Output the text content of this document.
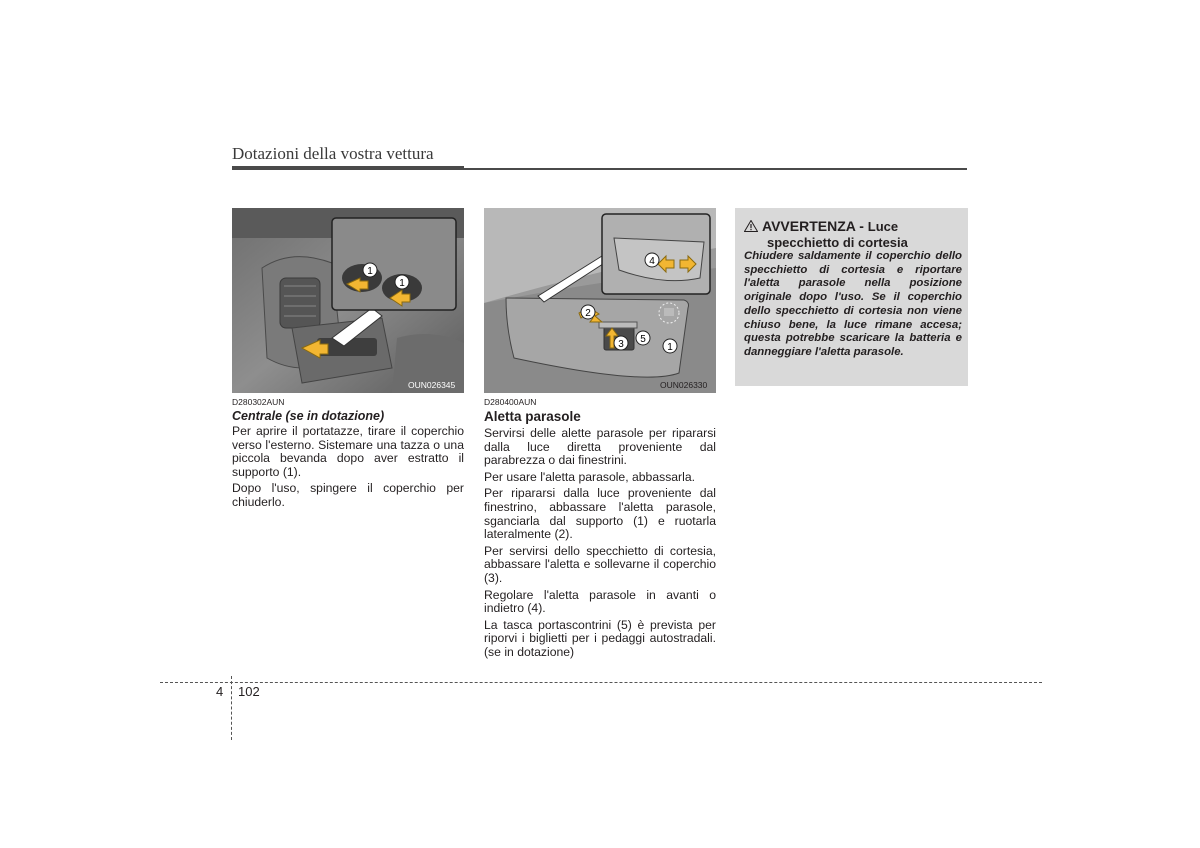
Dotazioni della vostra vettura
1
1
OUN026345
D280302AUN
Centrale (se in dotazione)

Per aprire il portatazze, tirare il coperchio verso l'esterno. Sistemare una tazza o una piccola bevanda dopo aver estratto il supporto (1).

Dopo l'uso, spingere il coperchio per chiuderlo.

2
3 5
1
4
OUN026330
D280400AUN
Aletta parasole

Servirsi delle alette parasole per ripararsi dalla luce diretta proveniente dal parabrezza o dai finestrini.

Per usare l'aletta parasole, abbassarla.

Per ripararsi dalla luce proveniente dal finestrino, abbassare l'aletta parasole, sganciarla dal supporto (1) e ruotarla lateralmente (2).

Per servirsi dello specchietto di cortesia, abbassare l'aletta e sollevarne il coperchio (3).

Regolare l'aletta parasole in avanti o indietro (4).

La tasca portascontrini (5) è prevista per riporvi i biglietti per i pedaggi autostradali. (se in dotazione)

AVVERTENZA - Luce
specchietto di cortesia
Chiudere saldamente il coperchio dello specchietto di cortesia e riportare l'aletta parasole nella posizione originale dopo l'uso. Se il coperchio dello specchietto di cortesia non viene chiuso bene, la luce rimane accesa; questa potrebbe scaricare la batteria e danneggiare l'aletta parasole.
4 102
